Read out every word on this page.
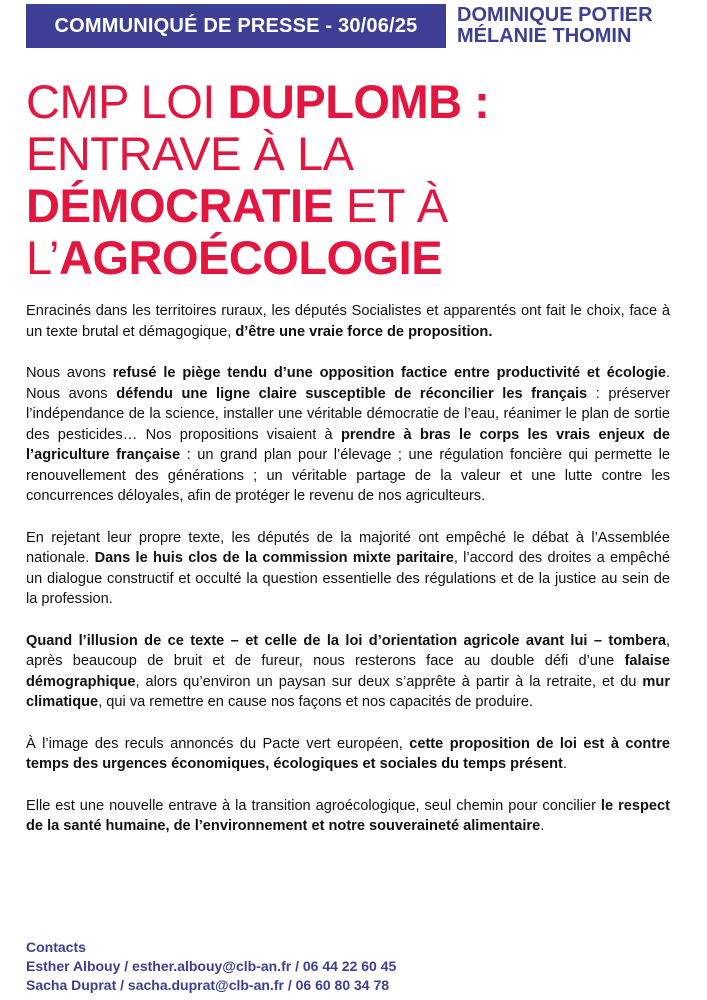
COMMUNIQUÉ DE PRESSE - 30/06/25 DOMINIQUE POTIER
MÉLANIE THOMIN
CMP LOI DUPLOMB :
ENTRAVE À LA
DÉMOCRATIE ET À
L’AGROÉCOLOGIE

Enracinés dans les territoires ruraux, les députés Socialistes et apparentés ont fait le choix, face à un texte brutal et démagogique, d’être une vraie force de proposition.

Nous avons refusé le piège tendu d’une opposition factice entre productivité et écologie. Nous avons défendu une ligne claire susceptible de réconcilier les français : préserver l’indépendance de la science, installer une véritable démocratie de l’eau, réanimer le plan de sortie des pesticides… Nos propositions visaient à prendre à bras le corps les vrais enjeux de l’agriculture française : un grand plan pour l’élevage ; une régulation foncière qui permette le renouvellement des générations ; un véritable partage de la valeur et une lutte contre les concurrences déloyales, afin de protéger le revenu de nos agriculteurs.

En rejetant leur propre texte, les députés de la majorité ont empêché le débat à l’Assemblée nationale. Dans le huis clos de la commission mixte paritaire, l’accord des droites a empêché un dialogue constructif et occulté la question essentielle des régulations et de la justice au sein de la profession.

Quand l’illusion de ce texte – et celle de la loi d’orientation agricole avant lui – tombera, après beaucoup de bruit et de fureur, nous resterons face au double défi d’une falaise démographique, alors qu’environ un paysan sur deux s’apprête à partir à la retraite, et du mur climatique, qui va remettre en cause nos façons et nos capacités de produire.

À l’image des reculs annoncés du Pacte vert européen, cette proposition de loi est à contre temps des urgences économiques, écologiques et sociales du temps présent.

Elle est une nouvelle entrave à la transition agroécologique, seul chemin pour concilier le respect de la santé humaine, de l’environnement et notre souveraineté alimentaire.

Contacts
Esther Albouy / esther.albouy@clb-an.fr / 06 44 22 60 45
Sacha Duprat / sacha.duprat@clb-an.fr / 06 60 80 34 78
